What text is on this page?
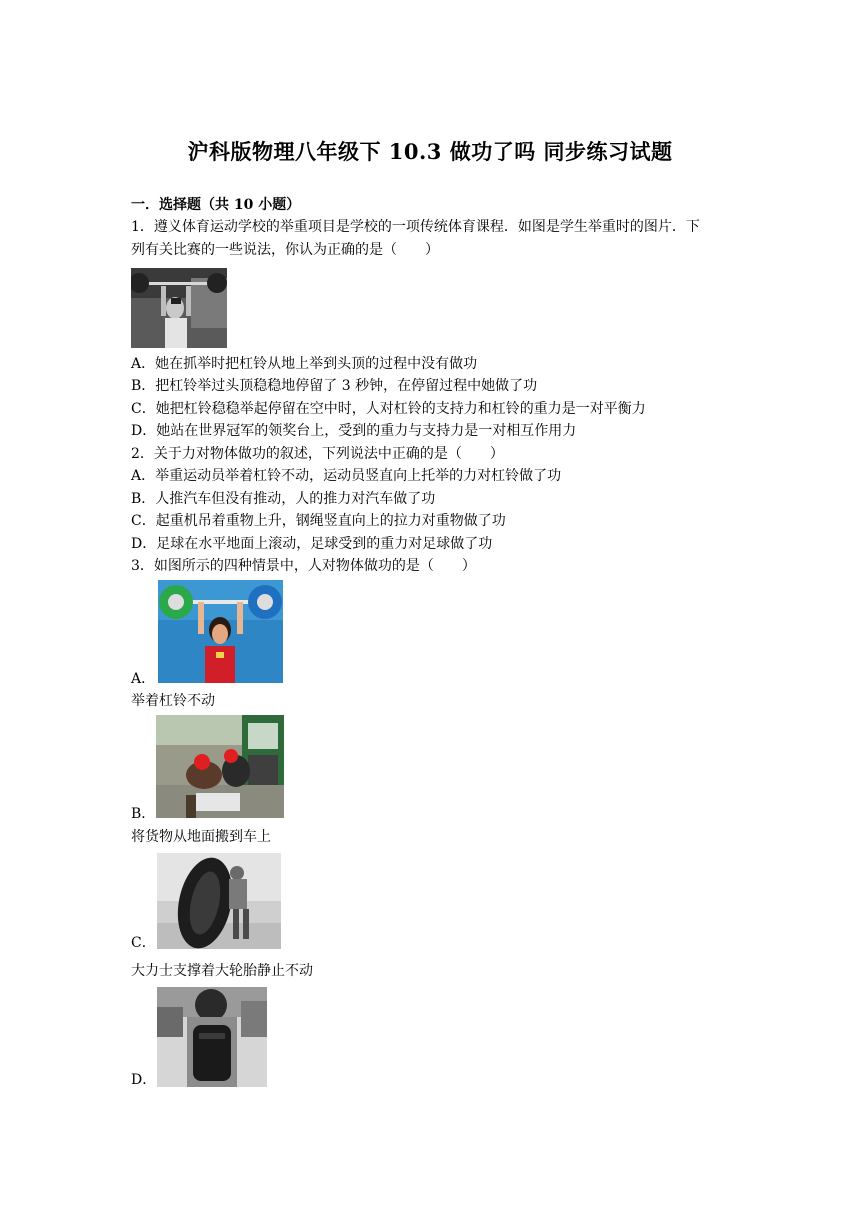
沪科版物理八年级下 10.3 做功了吗 同步练习试题
一．选择题（共 10 小题）
1．遵义体育运动学校的举重项目是学校的一项传统体育课程．如图是学生举重时的图片．下
列有关比赛的一些说法，你认为正确的是（　　）
A．她在抓举时把杠铃从地上举到头顶的过程中没有做功
B．把杠铃举过头顶稳稳地停留了 3 秒钟，在停留过程中她做了功
C．她把杠铃稳稳举起停留在空中时，人对杠铃的支持力和杠铃的重力是一对平衡力
D．她站在世界冠军的领奖台上，受到的重力与支持力是一对相互作用力
2．关于力对物体做功的叙述，下列说法中正确的是（　　）
A．举重运动员举着杠铃不动，运动员竖直向上托举的力对杠铃做了功
B．人推汽车但没有推动，人的推力对汽车做了功
C．起重机吊着重物上升，钢绳竖直向上的拉力对重物做了功
D．足球在水平地面上滚动，足球受到的重力对足球做了功
3．如图所示的四种情景中，人对物体做功的是（　　）
A．
举着杠铃不动
B．
将货物从地面搬到车上
C．
大力士支撑着大轮胎静止不动
D．
